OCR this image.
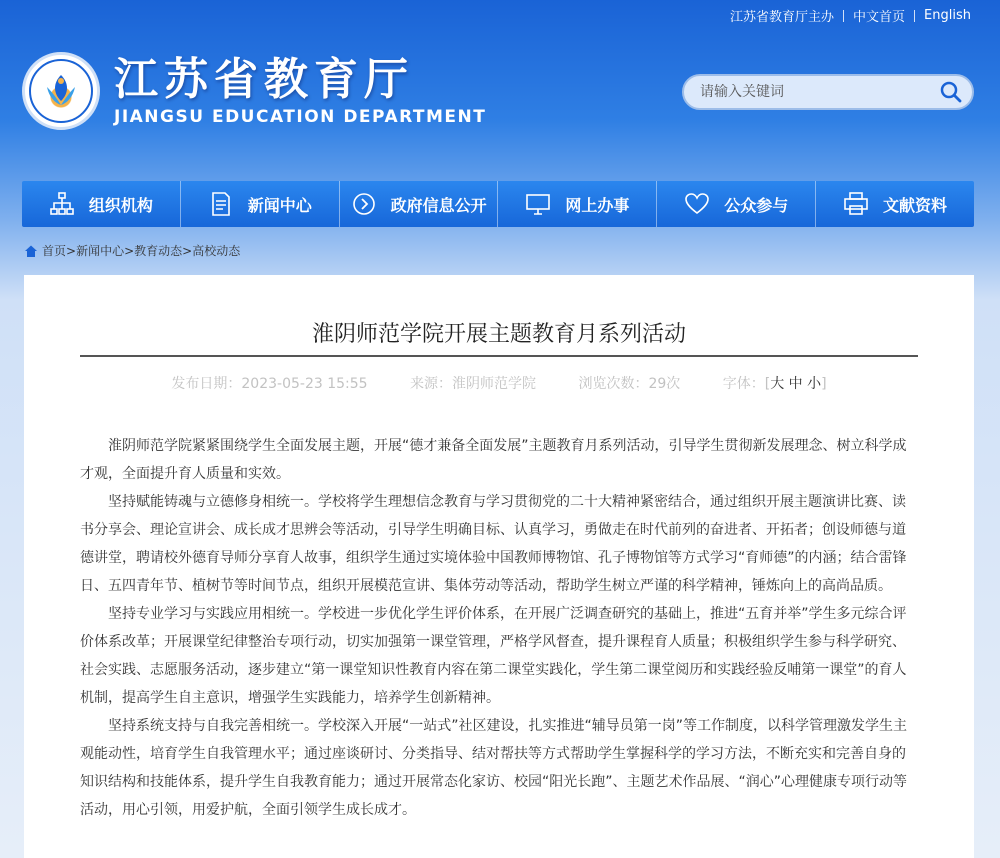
江苏省教育厅主办	中文首页	English
江苏省教育厅
JIANGSU EDUCATION DEPARTMENT
请输入关键词
组织机构	新闻中心	政府信息公开	网上办事	公众参与	文献资料
首页 > 新闻中心 > 教育动态 > 高校动态
淮阴师范学院开展主题教育月系列活动
发布日期：2023-05-23 15:55	来源：淮阴师范学院	浏览次数：29次	字体：[大 中 小]

淮阴师范学院紧紧围绕学生全面发展主题，开展“德才兼备全面发展”主题教育月系列活动，引导学生贯彻新发展理念、树立科学成才观，全面提升育人质量和实效。

坚持赋能铸魂与立德修身相统一。学校将学生理想信念教育与学习贯彻党的二十大精神紧密结合，通过组织开展主题演讲比赛、读书分享会、理论宣讲会、成长成才思辨会等活动，引导学生明确目标、认真学习，勇做走在时代前列的奋进者、开拓者；创设师德与道德讲堂，聘请校外德育导师分享育人故事，组织学生通过实境体验中国教师博物馆、孔子博物馆等方式学习“育师德”的内涵；结合雷锋日、五四青年节、植树节等时间节点，组织开展模范宣讲、集体劳动等活动，帮助学生树立严谨的科学精神，锤炼向上的高尚品质。

坚持专业学习与实践应用相统一。学校进一步优化学生评价体系，在开展广泛调查研究的基础上，推进“五育并举”学生多元综合评价体系改革；开展课堂纪律整治专项行动，切实加强第一课堂管理，严格学风督查，提升课程育人质量；积极组织学生参与科学研究、社会实践、志愿服务活动，逐步建立“第一课堂知识性教育内容在第二课堂实践化，学生第二课堂阅历和实践经验反哺第一课堂”的育人机制，提高学生自主意识，增强学生实践能力，培养学生创新精神。

坚持系统支持与自我完善相统一。学校深入开展“一站式”社区建设，扎实推进“辅导员第一岗”等工作制度，以科学管理激发学生主观能动性，培育学生自我管理水平；通过座谈研讨、分类指导、结对帮扶等方式帮助学生掌握科学的学习方法，不断充实和完善自身的知识结构和技能体系，提升学生自我教育能力；通过开展常态化家访、校园“阳光长跑”、主题艺术作品展、“润心”心理健康专项行动等活动，用心引领，用爱护航，全面引领学生成长成才。
